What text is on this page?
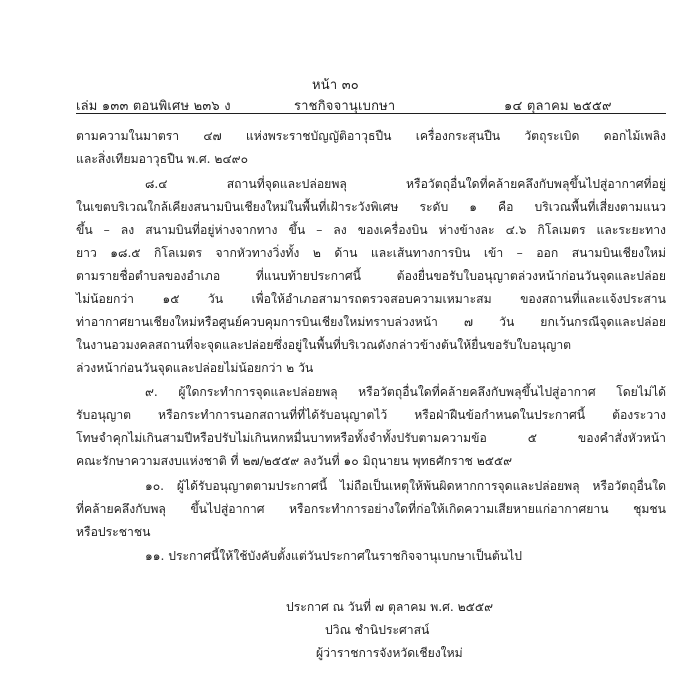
หน้า ๓๐
เล่ม ๑๓๓ ตอนพิเศษ ๒๓๖ ง	ราชกิจจานุเบกษา	๑๔ ตุลาคม ๒๕๕๙
ตามความในมาตรา ๔๗ แห่งพระราชบัญญัติอาวุธปืน เครื่องกระสุนปืน วัตถุระเบิด ดอกไม้เพลิง
และสิ่งเทียมอาวุธปืน พ.ศ. ๒๔๙๐
๘.๔ สถานที่จุดและปล่อยพลุ หรือวัตถุอื่นใดที่คล้ายคลึงกับพลุขึ้นไปสู่อากาศที่อยู่
ในเขตบริเวณใกล้เคียงสนามบินเชียงใหม่ในพื้นที่เฝ้าระวังพิเศษ ระดับ ๑ คือ บริเวณพื้นที่เสี่ยงตามแนว
ขึ้น – ลง สนามบินที่อยู่ห่างจากทาง ขึ้น – ลง ของเครื่องบิน ห่างข้างละ ๔.๖ กิโลเมตร และระยะทาง
ยาว ๑๘.๕ กิโลเมตร จากหัวทางวิ่งทั้ง ๒ ด้าน และเส้นทางการบิน เข้า – ออก สนามบินเชียงใหม่
ตามรายชื่อตำบลของอำเภอ ที่แนบท้ายประกาศนี้ ต้องยื่นขอรับใบอนุญาตล่วงหน้าก่อนวันจุดและปล่อย
ไม่น้อยกว่า ๑๕ วัน เพื่อให้อำเภอสามารถตรวจสอบความเหมาะสม ของสถานที่และแจ้งประสาน
ท่าอากาศยานเชียงใหม่หรือศูนย์ควบคุมการบินเชียงใหม่ทราบล่วงหน้า ๗ วัน ยกเว้นกรณีจุดและปล่อย
ในงานอวมงคลสถานที่จะจุดและปล่อยซึ่งอยู่ในพื้นที่บริเวณดังกล่าวข้างต้นให้ยื่นขอรับใบอนุญาต
ล่วงหน้าก่อนวันจุดและปล่อยไม่น้อยกว่า ๒ วัน
๙. ผู้ใดกระทำการจุดและปล่อยพลุ หรือวัตถุอื่นใดที่คล้ายคลึงกับพลุขึ้นไปสู่อากาศ โดยไม่ได้
รับอนุญาต หรือกระทำการนอกสถานที่ที่ได้รับอนุญาตไว้ หรือฝ่าฝืนข้อกำหนดในประกาศนี้ ต้องระวาง
โทษจำคุกไม่เกินสามปีหรือปรับไม่เกินหกหมื่นบาทหรือทั้งจำทั้งปรับตามความข้อ ๕ ของคำสั่งหัวหน้า
คณะรักษาความสงบแห่งชาติ ที่ ๒๗/๒๕๕๙ ลงวันที่ ๑๐ มิถุนายน พุทธศักราช ๒๕๕๙
๑๐. ผู้ได้รับอนุญาตตามประกาศนี้ ไม่ถือเป็นเหตุให้พ้นผิดหากการจุดและปล่อยพลุ หรือวัตถุอื่นใด
ที่คล้ายคลึงกับพลุ ขึ้นไปสู่อากาศ หรือกระทำการอย่างใดที่ก่อให้เกิดความเสียหายแก่อากาศยาน ชุมชน
หรือประชาชน
๑๑. ประกาศนี้ให้ใช้บังคับตั้งแต่วันประกาศในราชกิจจานุเบกษาเป็นต้นไป
ประกาศ ณ วันที่ ๗ ตุลาคม พ.ศ. ๒๕๕๙
ปวิณ ชำนิประศาสน์
ผู้ว่าราชการจังหวัดเชียงใหม่
